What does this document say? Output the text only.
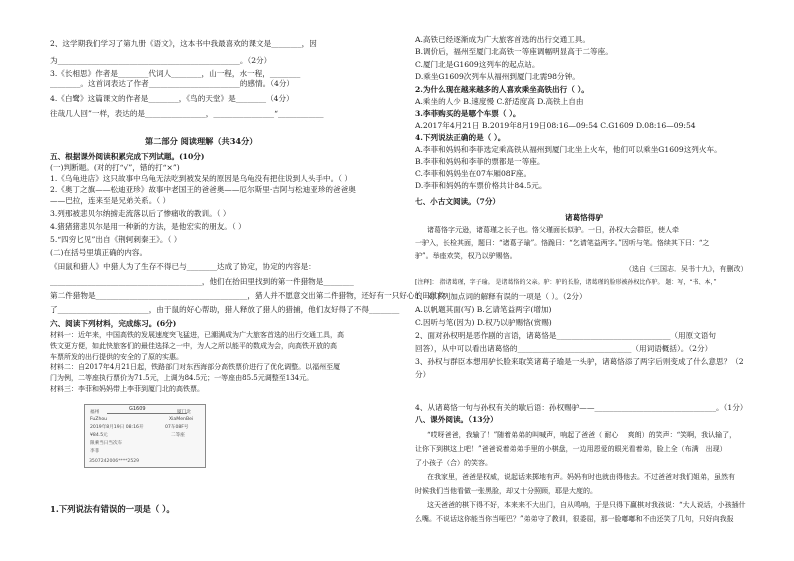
2、这学期我们学习了第九册《语文》，这本书中我最喜欢的课文是________，因
为________________________________________________。（2分）
3.《长相思》作者是________代词人________，山一程，水一程，________
________。这首词表达了作者________________________的感情。（4分）
4.《白鹭》这篇课文的作者是________，《鸟的天堂》是________（4分）
往哉几人回”一样，表达的是________________，________________“____________
第二部分 阅读理解（共34分）
五、根据课外阅读积累完成下列试题。(10分)
(一)判断题。(对的打“√”，错的打“×”)
1.《乌龟进店》这只故事中乌龟无法吃到被发呆的原因是乌龟没有把住说到人头手中。（ ）
2.《奥丁之旗——松迪亚珍》故事中老国王的爸爸奥——厄尔斯里·吉阿与松迪亚珍的爸爸奥
——巴拉，连来至是兄弟关系。（ ）
3.列那被悲贝尔纳掳走流落以后了惨痛收的教训。（ ）
4.猪猪猪悲贝尔是用一种新的方法，是他宏实的朋友。（ ）
5.“四穷匕见”出自《荆轲刺秦王》。（ ）
(二)在括号里填正确的内容。
《田鼠和猎人》中猎人为了生存不得已与________达成了协定，协定的内容是：
________________________________________，他们在抬田里找到的第一件猎物是________
第二件猎物是________________________________________，猎人并不愿意交出第二件猎物，还好有一只好心的田鼠救
了________________________，由于鼠的好心帮助，猎人释放了猎人的猎捕，他们友好得了不得________
六、阅读下列材料，完成练习。(6分)
材料一：近年来，中国高铁的发展速度突飞猛进，已潮满成为广大旅客首选的出行交通工具，高
铁文更方便，如此快旅客们的最佳选择之一中，为人之所以能平的数成为会，向高铁开放的高
车票所发的出行提供的安全的了原的实惠。
材料二：自2017年4月21日起，铁路部门对东西海部分高铁票价进行了优化调整。以福州至厦
门为例，二等座执行票价为71.5元，上调为84.5元；一等座由85.5元调整至134元。
材料三：李菲和妈妈带上李菲到厦门北的高铁票。
1.下列说法有错误的一项是（ ）。
G1609
福州	厦门北
FuZhou	XiaMenBei
2019年8月19日 08:16开	07车08F号
¥84.5元	二等座
限乘当日当次车
李菲
3507242006****2529
A.高铁已经逐渐成为广大旅客首选的出行交通工具。
B.调价后，福州至厦门北高铁一等座调幅明显高于二等座。
C.厦门北是G1609这列车的起点站。
D.乘坐G1609次列车从福州到厦门北需98分钟。
2.为什么现在越来越多的人喜欢乘坐高铁出行（ ）。
A.乘坐的人少 B.速度慢 C.舒适度高 D.高铁上自由
3.李菲购买的是哪个车票（ ）。
A.2017年4月21日 B.2019年8月19日08:16—09:54 C.G1609 D.08:16—09:54
4.下列说法正确的是（ ）。
A.李菲和妈妈和李菲选定乘高铁从福州到厦门北坐上火车，他们可以乘坐G1609这列火车。
B.李菲和妈妈和李菲的票都是一等座。
C.李菲和妈妈坐在07车厢08F座。
D.李菲和妈妈的车票价格共计84.5元。
七、小古文阅读。（7分）
诸葛恪得驴
诸葛恪字元逊，诸葛瑾之长子也。恪父瑾面长似驴。一日，孙权大会群臣，使人牵
一驴入，长检其面，题曰：“诸葛子瑜”。恪跪曰：“乞请笔益两字。”因听与笔。恪续其下曰：“之
驴”。举座欢笑，权乃以驴赐恪。
（选自《三国志．吴书十九》，有删改）
[注释]： 指诸葛瑾，字子瑜。 是诸葛恪的父亲。驴：驴的长脸，诸葛瑾的脸形被孙权比作驴。 题：写，“书、本，”
1、对下列加点词的解释有误的一项是（ ）。（2分）
A.以帆题其面(写) B.乞请笔益两字(增加)
C.因听与笔(因为) D.权乃以驴赐恪(赏赐)
2、面对孙权明是恶作剧的言语，诸葛恪是______________________________（用原文语句
回答），从中可以看出诸葛恪的______________________________（用词语概括）。（2分）
3、孙权与群臣本想用驴长脸来取笑诸葛子瑜是一头驴，诸葛恪添了两字后则变成了什么意思？（2
分）
4、从诸葛恪一句与孙权有关的歇后语：孙权赐驴——________________________________。（1分）
八、课外阅读。（13分）
“哎呀爸爸，我输了！”随着弟弟的叫喊声，响起了爸爸（ 耐心 　爽朗）的笑声：“笑啊，我认输了，
让你下到棋这上吧！”爸爸说着弟弟手里的小棋盘，一边用恩爱的眼光看着弟，脸上全（布满　出现）
了小孩子（合）的笑容。
在我家里，爸爸是权威，说起话来掷地有声。妈妈有时也就由得他去。不过爸爸对我们姐弟，虽然有
时候我们当他看做一张黑脸，却又十分照顾，耶是大度的。
这天爸爸的棋下得不好，本来来不大出门，自从鸣响，于是只得下赢棋对我孩说：“大人说话，小孩插什
么嘴。不说话这你能当你当哑巴？”弟弟守了教训，很委屈，那一脸嘟嘟和不由还笑了几句，只好向我报
